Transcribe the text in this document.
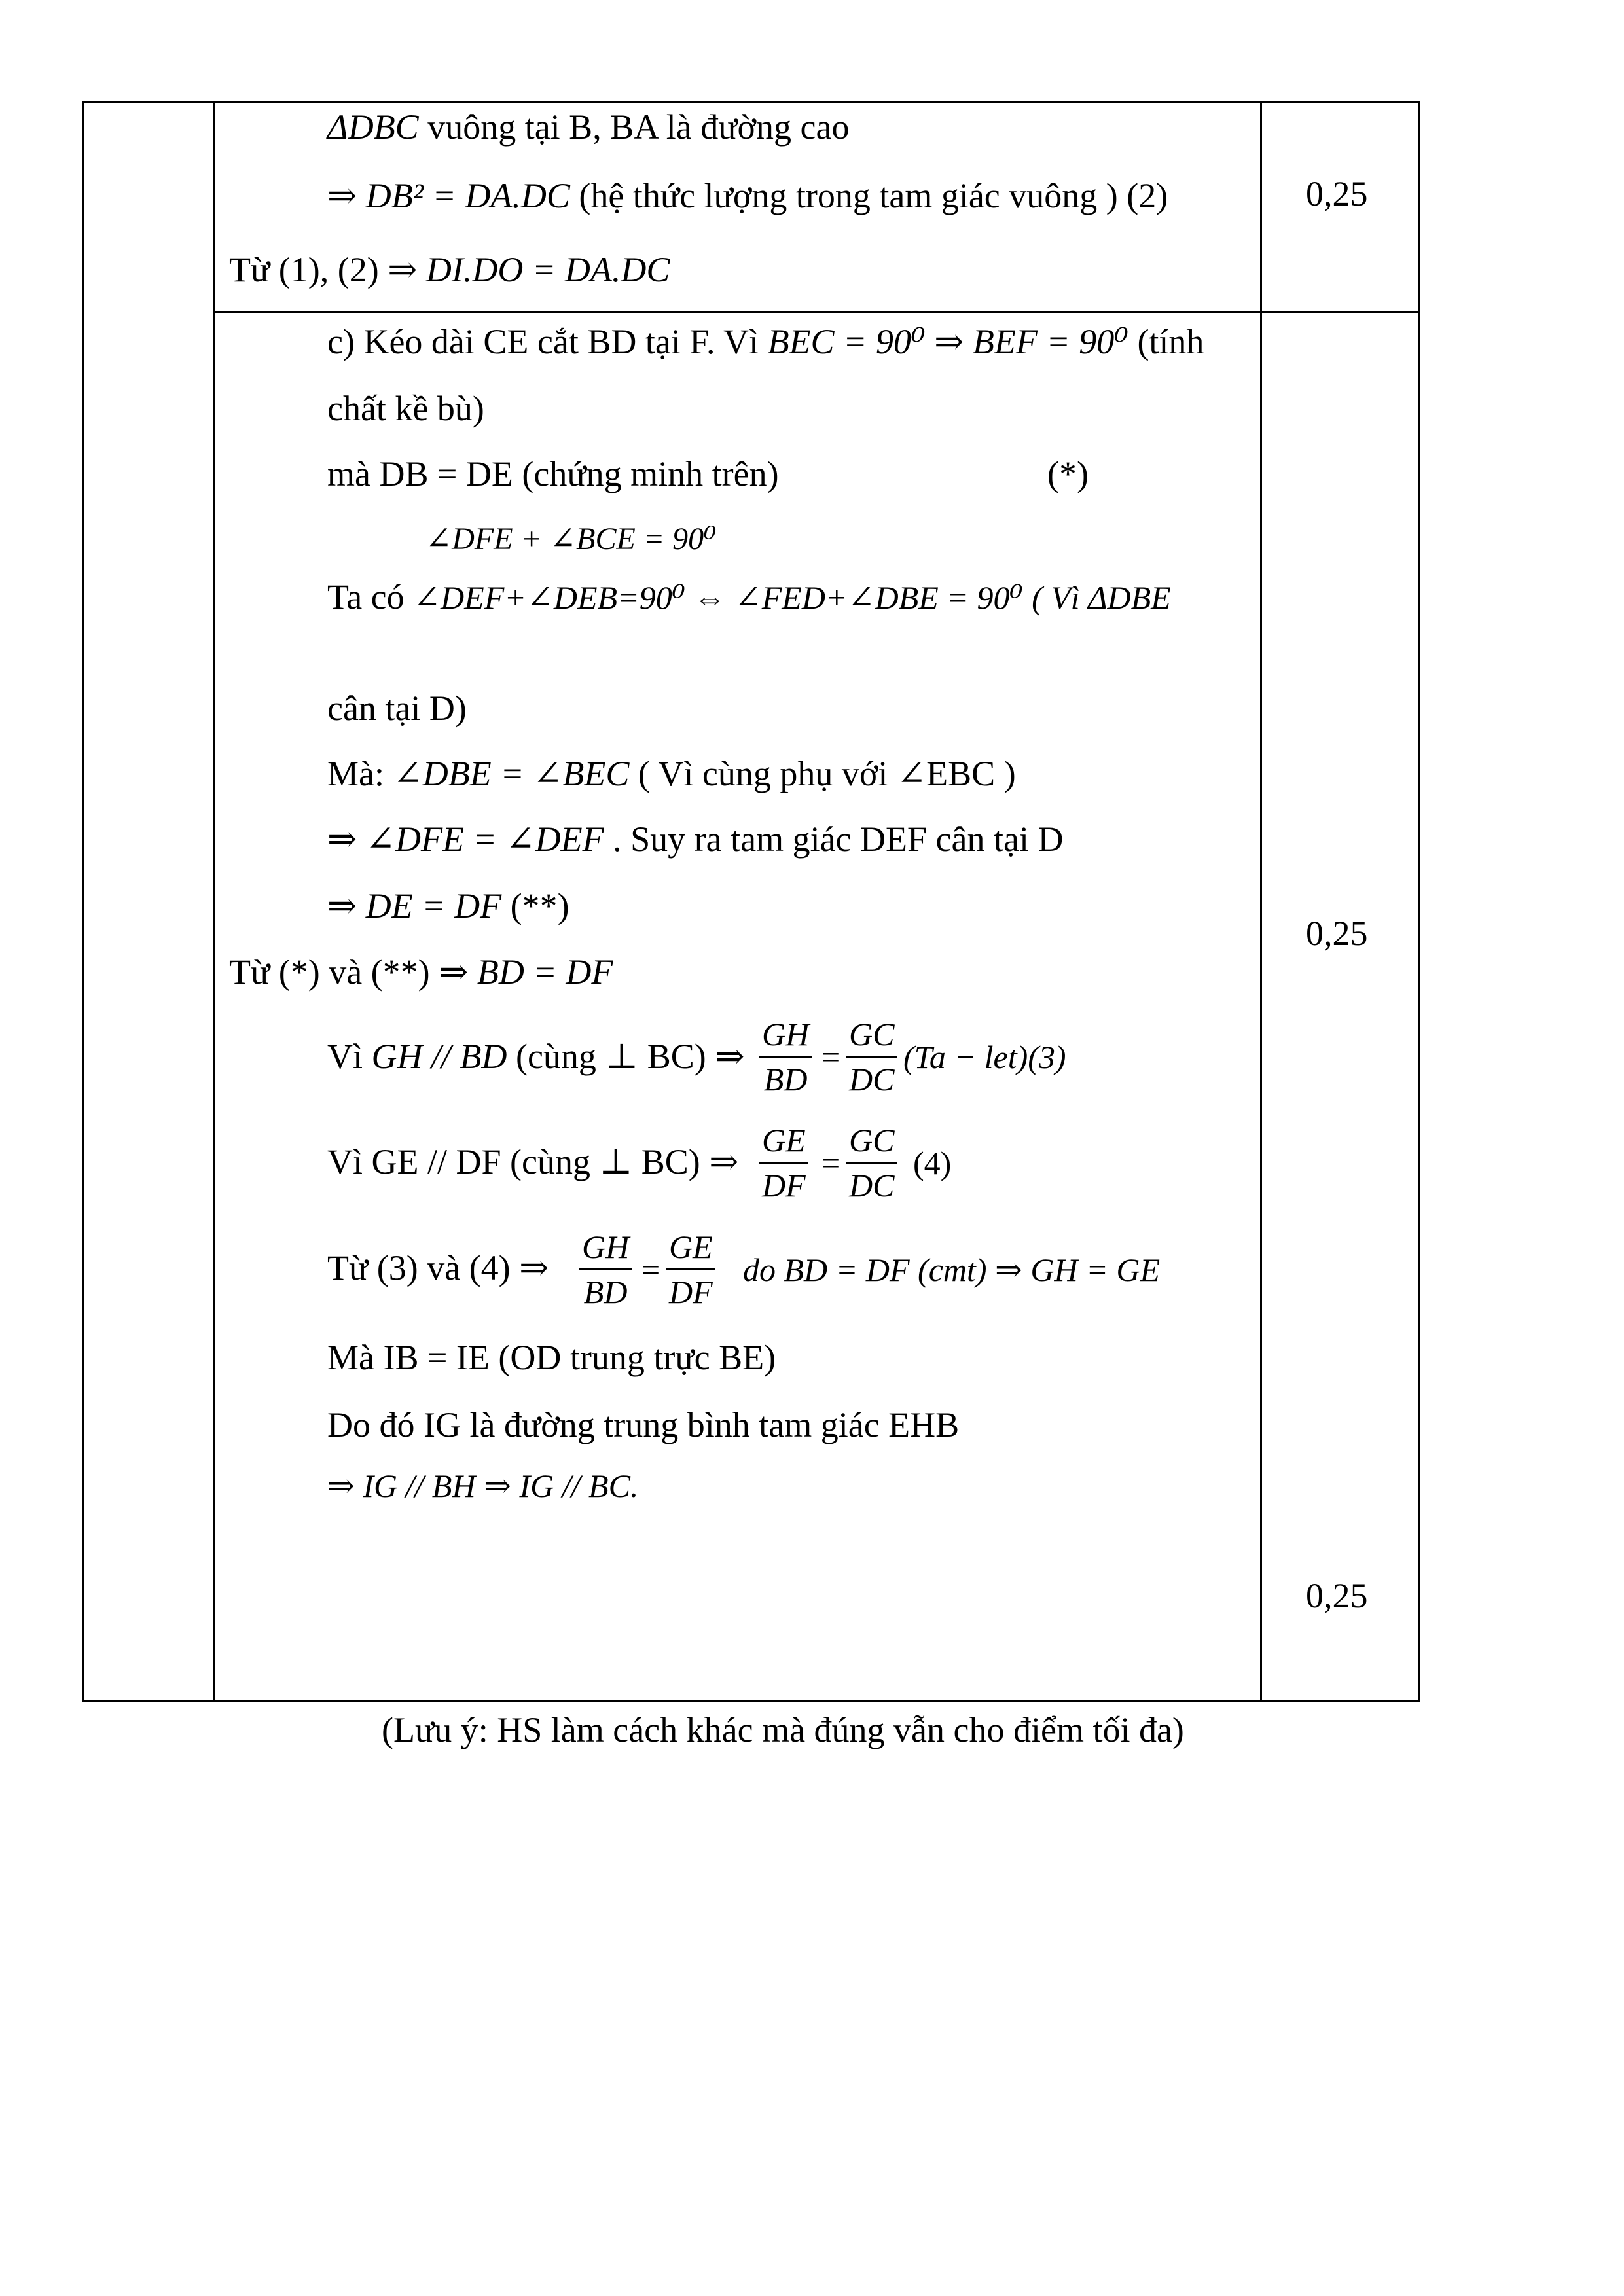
ΔDBC vuông tại B, BA là đường cao
⇒ DB² = DA.DC (hệ thức lượng trong tam giác vuông ) (2)
Từ (1), (2) ⇒ DI.DO = DA.DC
0,25
c) Kéo dài CE cắt BD tại F. Vì BEC = 90⁰ ⇒ BEF = 90⁰ (tính
chất kề bù)
mà DB = DE (chứng minh trên)	(*)
∠DFE + ∠BCE = 90⁰
Ta có ∠DEF+∠DEB=90⁰ ⇔ ∠FED+∠DBE = 90⁰ ( Vì ΔDBE
cân tại D)
Mà: ∠DBE = ∠BEC ( Vì cùng phụ với ∠EBC )
⇒ ∠DFE = ∠DEF . Suy ra tam giác DEF cân tại D
⇒ DE = DF (**)
Từ (*) và (**) ⇒ BD = DF
Vì GH // BD (cùng ⊥ BC) ⇒ $\frac{GH}{BD} = \frac{GC}{DC} (Ta - let)(3)$
Vì GE // DF (cùng ⊥ BC) ⇒ $\frac{GE}{DF} = \frac{GC}{DC} (4)$
Từ (3) và (4) ⇒ $\frac{GH}{BD} = \frac{GE}{DF}$ do BD = DF (cmt) ⇒ GH = GE
Mà IB = IE (OD trung trực BE)
Do đó IG là đường trung bình tam giác EHB
⇒ IG // BH ⇒ IG // BC.
0,25
0,25
(Lưu ý: HS làm cách khác mà đúng vẫn cho điểm tối đa)
